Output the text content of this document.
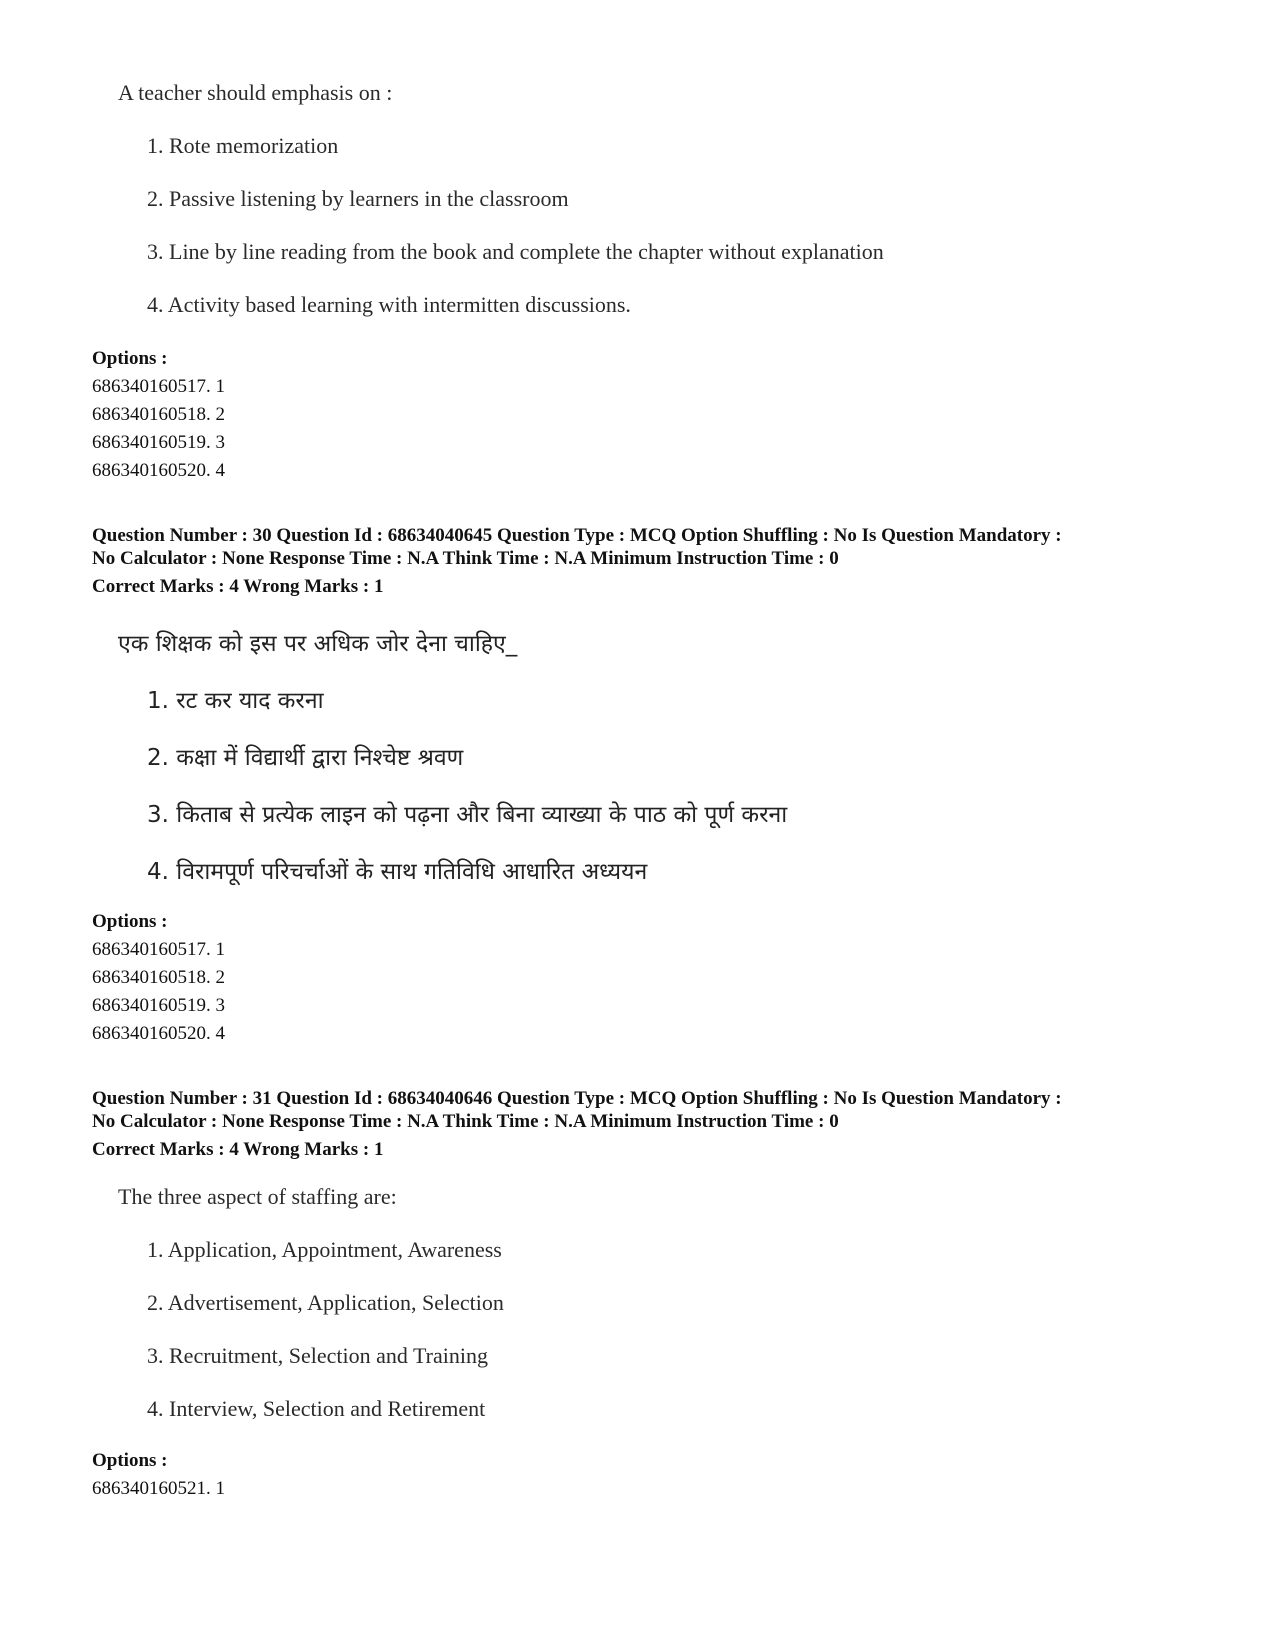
A teacher should emphasis on :
1. Rote memorization
2. Passive listening by learners in the classroom
3. Line by line reading from the book and complete the chapter without explanation
4. Activity based learning with intermitten discussions.
Options :
686340160517. 1
686340160518. 2
686340160519. 3
686340160520. 4
Question Number : 30 Question Id : 68634040645 Question Type : MCQ Option Shuffling : No Is Question Mandatory :
No Calculator : None Response Time : N.A Think Time : N.A Minimum Instruction Time : 0
Correct Marks : 4 Wrong Marks : 1
एक शिक्षक को इस पर अधिक जोर देना चाहिए_
1. रट कर याद करना
2. कक्षा में विद्यार्थी द्वारा निश्चेष्ट श्रवण
3. किताब से प्रत्येक लाइन को पढ़ना और बिना व्याख्या के पाठ को पूर्ण करना
4. विरामपूर्ण परिचर्चाओं के साथ गतिविधि आधारित अध्ययन
Options :
686340160517. 1
686340160518. 2
686340160519. 3
686340160520. 4
Question Number : 31 Question Id : 68634040646 Question Type : MCQ Option Shuffling : No Is Question Mandatory :
No Calculator : None Response Time : N.A Think Time : N.A Minimum Instruction Time : 0
Correct Marks : 4 Wrong Marks : 1
The three aspect of staffing are:
1. Application, Appointment, Awareness
2. Advertisement, Application, Selection
3. Recruitment, Selection and Training
4. Interview, Selection and Retirement
Options :
686340160521. 1
